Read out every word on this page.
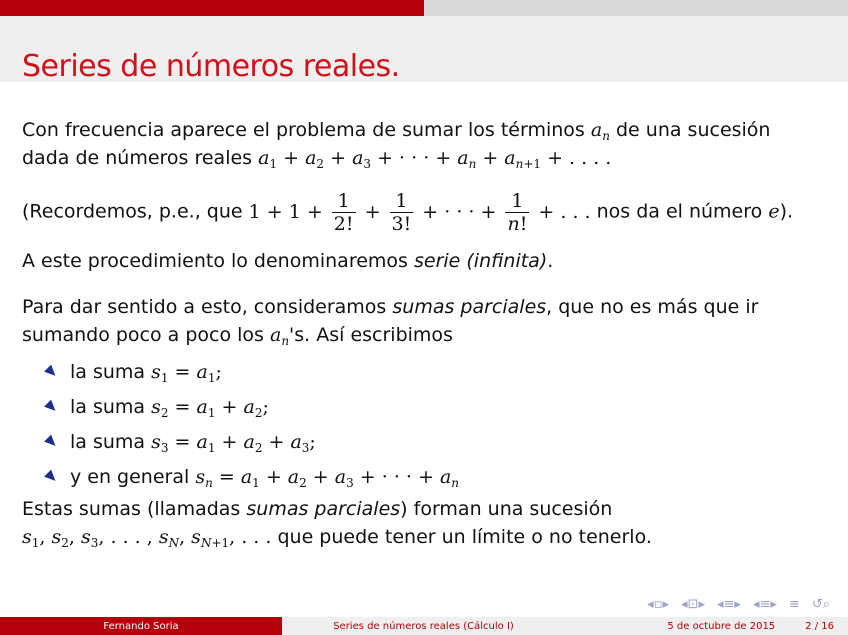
Series de números reales.

Con frecuencia aparece el problema de sumar los términos $a_n$ de una sucesión
dada de números reales $a_1 + a_2 + a_3$ + · · · + $a_n + a_{n+1}$ + . . . .

(Recordemos, p.e., que $1 + 1 + \frac{1}{2!} + \frac{1}{3!}$ + · · · + $\frac{1}{n!}$ + . . . nos da el número e).

A este procedimiento lo denominaremos serie (infinita).

Para dar sentido a esto, consideramos sumas parciales, que no es más que ir
sumando poco a poco los $a_n's$. Así escribimos

la suma $s_1 = a_1$;
la suma $s_2 = a_1 + a_2$;
la suma $s_3 = a_1 + a_2 + a_3$;
y en general $s_n = a_1 + a_2 + a_3$ + · · · + $a_n$

Estas sumas (llamadas sumas parciales) forman una sucesión
$s_1$, $s_2$, $s_3$, . . . , $s_N$, $s_{N+1}$, . . . que puede tener un límite o no tenerlo.

◂▫▸ ◂⊡▸ ◂≡▸ ◂≡▸ ≡ ↺⌕
Fernando Soria	Series de números reales (Cálculo I)	5 de octubre de 2015	2 / 16
